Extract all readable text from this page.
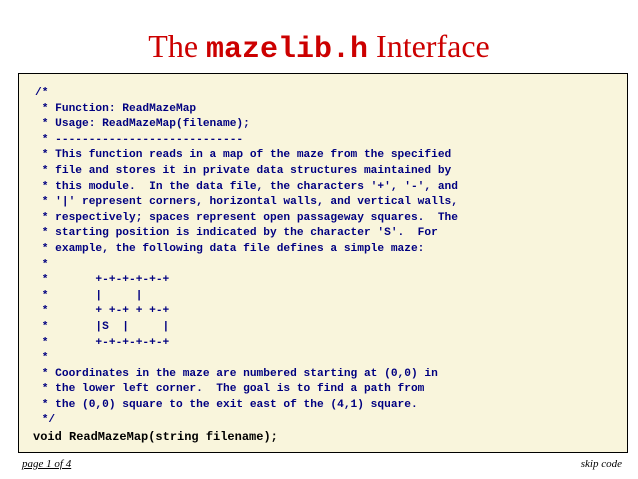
The mazelib.h Interface
/*
* Function: ReadMazeMap
* Usage: ReadMazeMap(filename);
* ----------------------------
* This function reads in a map of the maze from the specified
* file and stores it in private data structures maintained by
* this module.  In the data file, the characters '+', '-', and
* '|' represent corners, horizontal walls, and vertical walls,
* respectively; spaces represent open passageway squares.  The
* starting position is indicated by the character 'S'.  For
* example, the following data file defines a simple maze:
*
*       +-+-+-+-+-+
*       |     |
*       + +-+ + +-+
*       |S  |     |
*       +-+-+-+-+-+
*
* Coordinates in the maze are numbered starting at (0,0) in
* the lower left corner.  The goal is to find a path from
* the (0,0) square to the exit east of the (4,1) square.
*/
void ReadMazeMap(string filename);
page 1 of 4	skip code
